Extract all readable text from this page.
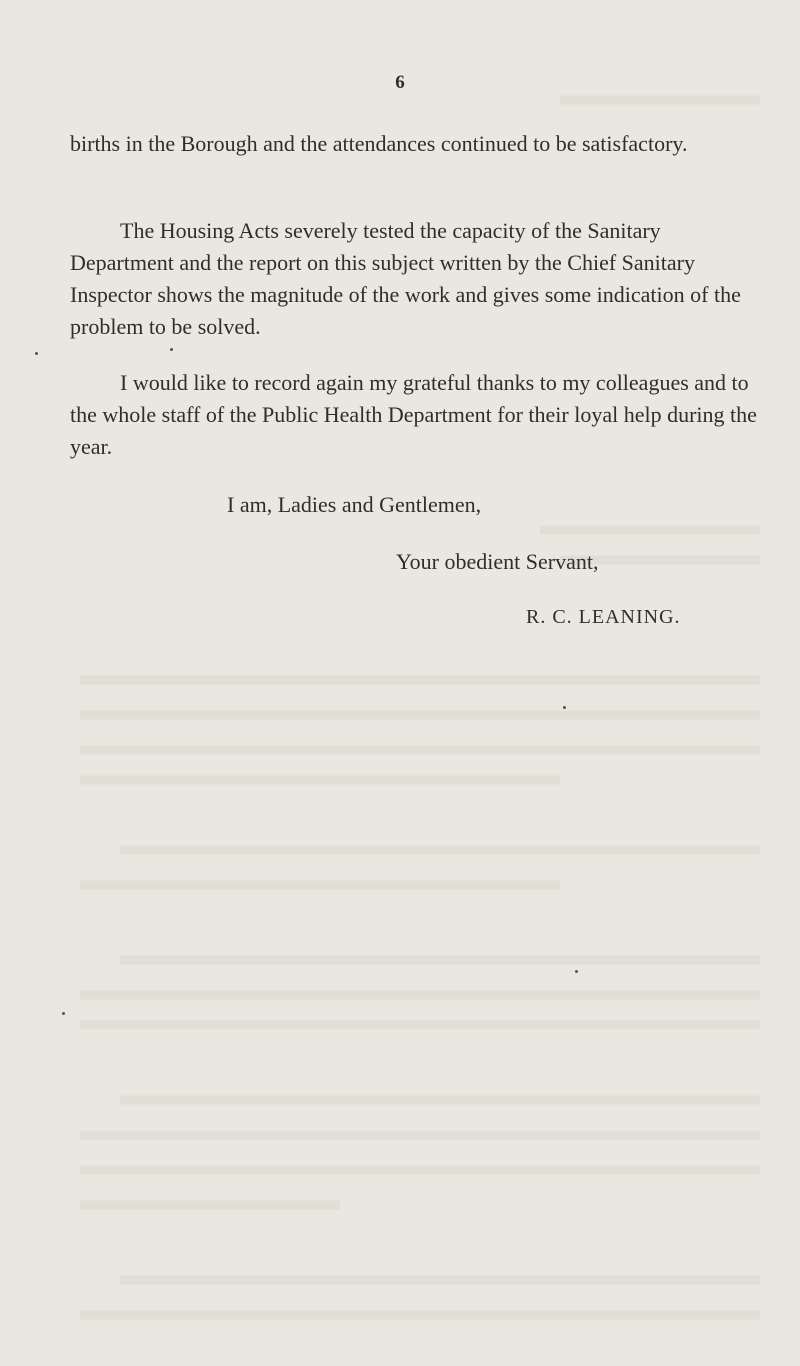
6

births in the Borough and the attendances continued to be satisfactory.

The Housing Acts severely tested the capacity of the Sanitary Department and the report on this subject written by the Chief Sanitary Inspector shows the magnitude of the work and gives some indication of the problem to be solved.

I would like to record again my grateful thanks to my colleagues and to the whole staff of the Public Health Department for their loyal help during the year.

I am, Ladies and Gentlemen,

Your obedient Servant,

R. C. LEANING.
